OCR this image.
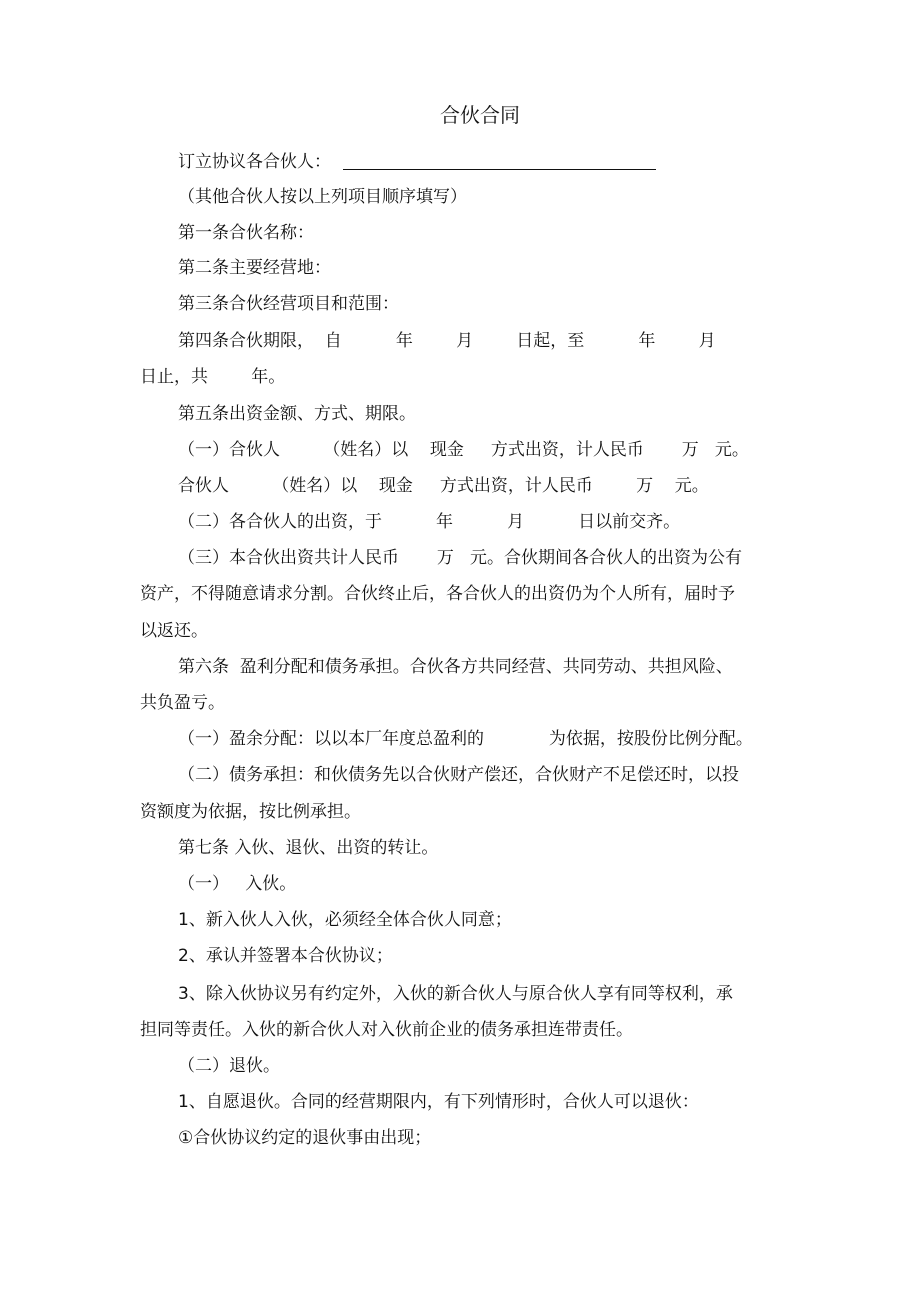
合伙合同
订立协议各合伙人：
（其他合伙人按以上列项目顺序填写）
第一条合伙名称：
第二条主要经营地：
第三条合伙经营项目和范围：
第四条合伙期限，  自          年        月        日起，至          年        月
日止，共        年。
第五条出资金额、方式、期限。
（一）合伙人        （姓名）以    现金     方式出资，计人民币       万   元。
合伙人        （姓名）以    现金     方式出资，计人民币        万    元。
（二）各合伙人的出资，于          年          月          日以前交齐。
（三）本合伙出资共计人民币       万   元。合伙期间各合伙人的出资为公有
资产，不得随意请求分割。合伙终止后，各合伙人的出资仍为个人所有，届时予
以返还。
第六条  盈利分配和债务承担。合伙各方共同经营、共同劳动、共担风险、
共负盈亏。
（一）盈余分配：以以本厂年度总盈利的            为依据，按股份比例分配。
（二）债务承担：和伙债务先以合伙财产偿还，合伙财产不足偿还时，以投
资额度为依据，按比例承担。
第七条 入伙、退伙、出资的转让。
（一）   入伙。
1、新入伙人入伙，必须经全体合伙人同意；
2、承认并签署本合伙协议；
3、除入伙协议另有约定外，入伙的新合伙人与原合伙人享有同等权利，承
担同等责任。入伙的新合伙人对入伙前企业的债务承担连带责任。
（二）退伙。
1、自愿退伙。合同的经营期限内，有下列情形时，合伙人可以退伙：
①合伙协议约定的退伙事由出现；
